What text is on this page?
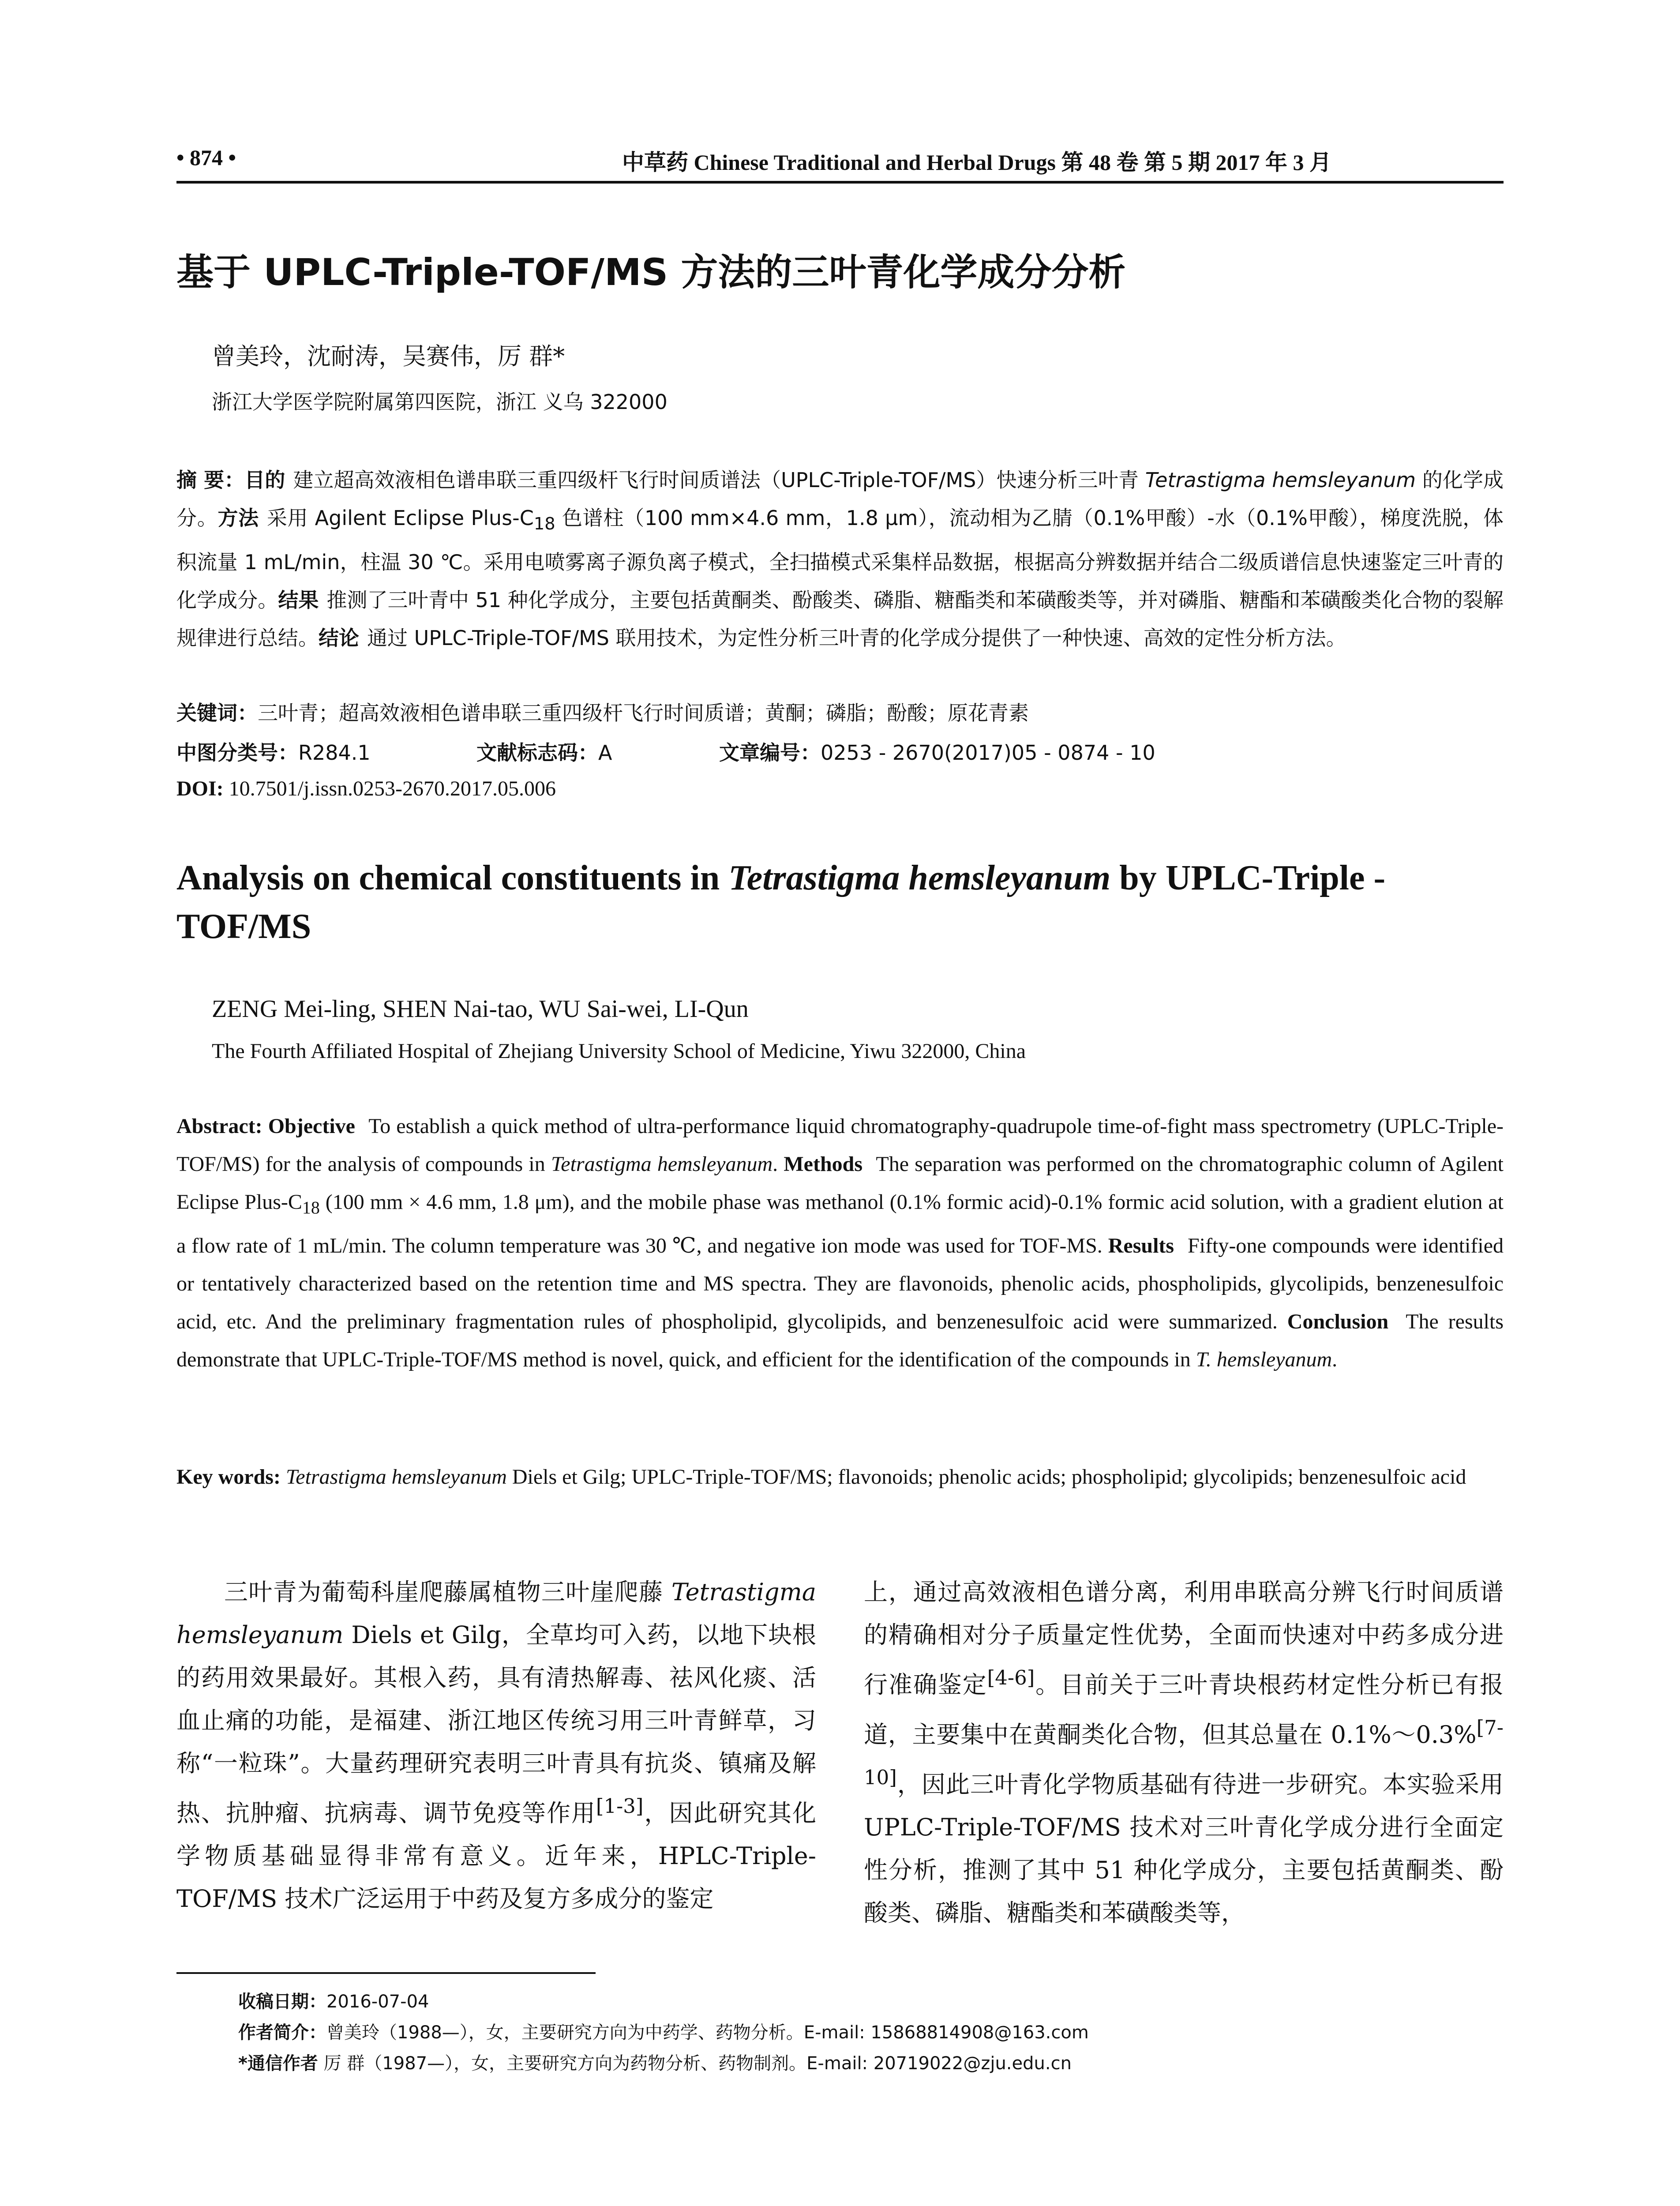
• 874 •	中草药 Chinese Traditional and Herbal Drugs 第 48 卷 第 5 期 2017 年 3 月
基于 UPLC-Triple-TOF/MS 方法的三叶青化学成分分析
曾美玲，沈耐涛，吴赛伟，厉 群*
浙江大学医学院附属第四医院，浙江 义乌 322000
摘 要：目的 建立超高效液相色谱串联三重四级杆飞行时间质谱法（UPLC-Triple-TOF/MS）快速分析三叶青 Tetrastigma hemsleyanum 的化学成分。方法 采用 Agilent Eclipse Plus-$C_{18}$ 色谱柱（100 mm×4.6 mm，1.8 μm），流动相为乙腈（0.1%甲酸）-水（0.1%甲酸），梯度洗脱，体积流量 1 mL/min，柱温 30 ℃。采用电喷雾离子源负离子模式，全扫描模式采集样品数据，根据高分辨数据并结合二级质谱信息快速鉴定三叶青的化学成分。结果 推测了三叶青中 51 种化学成分，主要包括黄酮类、酚酸类、磷脂、糖酯类和苯磺酸类等，并对磷脂、糖酯和苯磺酸类化合物的裂解规律进行总结。结论 通过 UPLC-Triple-TOF/MS 联用技术，为定性分析三叶青的化学成分提供了一种快速、高效的定性分析方法。
关键词：三叶青；超高效液相色谱串联三重四级杆飞行时间质谱；黄酮；磷脂；酚酸；原花青素
中图分类号：R284.1	文献标志码：A	文章编号：0253 - 2670(2017)05 - 0874 - 10
DOI: 10.7501/j.issn.0253-2670.2017.05.006
Analysis on chemical constituents in Tetrastigma hemsleyanum by UPLC-Triple -TOF/MS
ZENG Mei-ling, SHEN Nai-tao, WU Sai-wei, LI-Qun
The Fourth Affiliated Hospital of Zhejiang University School of Medicine, Yiwu 322000, China
Abstract: Objective To establish a quick method of ultra-performance liquid chromatography-quadrupole time-of-fight mass spectrometry (UPLC-Triple-TOF/MS) for the analysis of compounds in Tetrastigma hemsleyanum. Methods The separation was performed on the chromatographic column of Agilent Eclipse Plus-$C_{18}$ (100 mm × 4.6 mm, 1.8 μm), and the mobile phase was methanol (0.1% formic acid)-0.1% formic acid solution, with a gradient elution at a flow rate of 1 mL/min. The column temperature was 30 ℃, and negative ion mode was used for TOF-MS. Results Fifty-one compounds were identified or tentatively characterized based on the retention time and MS spectra. They are flavonoids, phenolic acids, phospholipids, glycolipids, benzenesulfoic acid, etc. And the preliminary fragmentation rules of phospholipid, glycolipids, and benzenesulfoic acid were summarized. Conclusion The results demonstrate that UPLC-Triple-TOF/MS method is novel, quick, and efficient for the identification of the compounds in T. hemsleyanum.
Key words: Tetrastigma hemsleyanum Diels et Gilg; UPLC-Triple-TOF/MS; flavonoids; phenolic acids; phospholipid; glycolipids; benzenesulfoic acid
三叶青为葡萄科崖爬藤属植物三叶崖爬藤 Tetrastigma hemsleyanum Diels et Gilg，全草均可入药，以地下块根的药用效果最好。其根入药，具有清热解毒、祛风化痰、活血止痛的功能，是福建、浙江地区传统习用三叶青鲜草，习称“一粒珠”。大量药理研究表明三叶青具有抗炎、镇痛及解热、抗肿瘤、抗病毒、调节免疫等作用[1-3]，因此研究其化学物质基础显得非常有意义。近年来，HPLC-Triple-TOF/MS 技术广泛运用于中药及复方多成分的鉴定
上，通过高效液相色谱分离，利用串联高分辨飞行时间质谱的精确相对分子质量定性优势，全面而快速对中药多成分进行准确鉴定[4-6]。目前关于三叶青块根药材定性分析已有报道，主要集中在黄酮类化合物，但其总量在 0.1%～0.3%[7-10]，因此三叶青化学物质基础有待进一步研究。本实验采用 UPLC-Triple-TOF/MS 技术对三叶青化学成分进行全面定性分析，推测了其中 51 种化学成分，主要包括黄酮类、酚酸类、磷脂、糖酯类和苯磺酸类等，
收稿日期：2016-07-04
作者简介：曾美玲（1988—），女，主要研究方向为中药学、药物分析。E-mail: 15868814908@163.com
*通信作者 厉 群（1987—），女，主要研究方向为药物分析、药物制剂。E-mail: 20719022@zju.edu.cn
